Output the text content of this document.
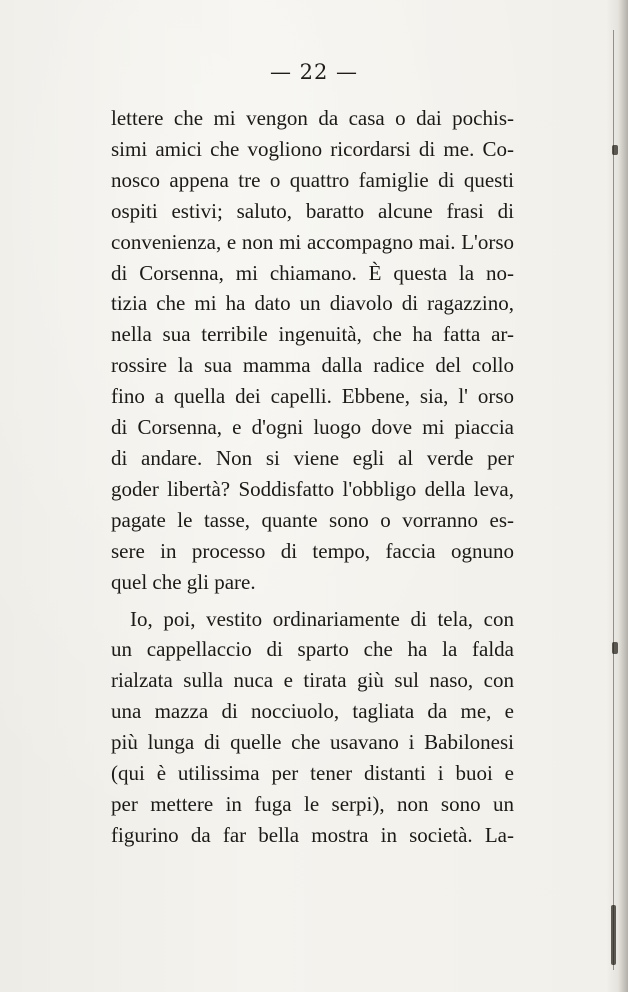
— 22 —
lettere che mi vengon da casa o dai pochis-
simi amici che vogliono ricordarsi di me. Co-
nosco appena tre o quattro famiglie di questi
ospiti estivi; saluto, baratto alcune frasi di
convenienza, e non mi accompagno mai. L'orso
di Corsenna, mi chiamano. È questa la no-
tizia che mi ha dato un diavolo di ragazzino,
nella sua terribile ingenuità, che ha fatta ar-
rossire la sua mamma dalla radice del collo
fino a quella dei capelli. Ebbene, sia, l' orso
di Corsenna, e d'ogni luogo dove mi piaccia
di andare. Non si viene egli al verde per
goder libertà? Soddisfatto l'obbligo della leva,
pagate le tasse, quante sono o vorranno es-
sere in processo di tempo, faccia ognuno
quel che gli pare.
Io, poi, vestito ordinariamente di tela, con
un cappellaccio di sparto che ha la falda
rialzata sulla nuca e tirata giù sul naso, con
una mazza di nocciuolo, tagliata da me, e
più lunga di quelle che usavano i Babilonesi
(qui è utilissima per tener distanti i buoi e
per mettere in fuga le serpi), non sono un
figurino da far bella mostra in società. La-
